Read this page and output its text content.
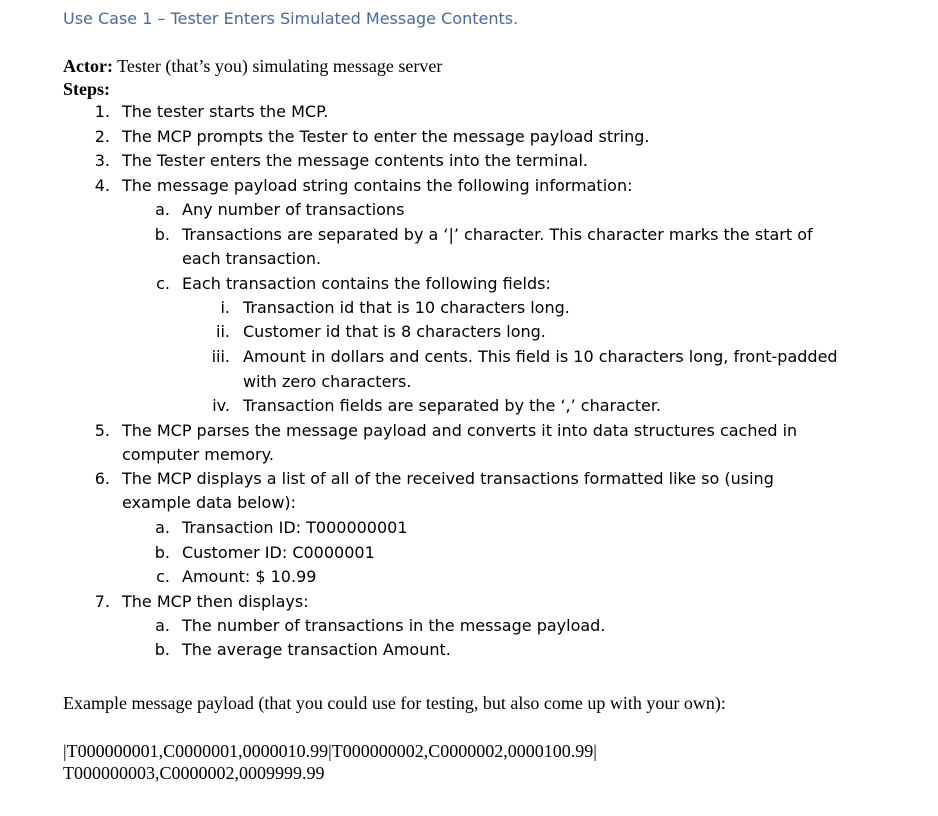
Use Case 1 – Tester Enters Simulated Message Contents.
Actor: Tester (that’s you) simulating message server
Steps:
1. The tester starts the MCP.
2. The MCP prompts the Tester to enter the message payload string.
3. The Tester enters the message contents into the terminal.
4. The message payload string contains the following information:
a. Any number of transactions
b. Transactions are separated by a ‘|’ character. This character marks the start of
each transaction.
c. Each transaction contains the following fields:
i. Transaction id that is 10 characters long.
ii. Customer id that is 8 characters long.
iii. Amount in dollars and cents. This field is 10 characters long, front-padded
with zero characters.
iv. Transaction fields are separated by the ‘,’ character.
5. The MCP parses the message payload and converts it into data structures cached in
computer memory.
6. The MCP displays a list of all of the received transactions formatted like so (using
example data below):
a. Transaction ID: T000000001
b. Customer ID: C0000001
c. Amount: $ 10.99
7. The MCP then displays:
a. The number of transactions in the message payload.
b. The average transaction Amount.
Example message payload (that you could use for testing, but also come up with your own):
|T000000001,C0000001,0000010.99|T000000002,C0000002,0000100.99|
T000000003,C0000002,0009999.99
